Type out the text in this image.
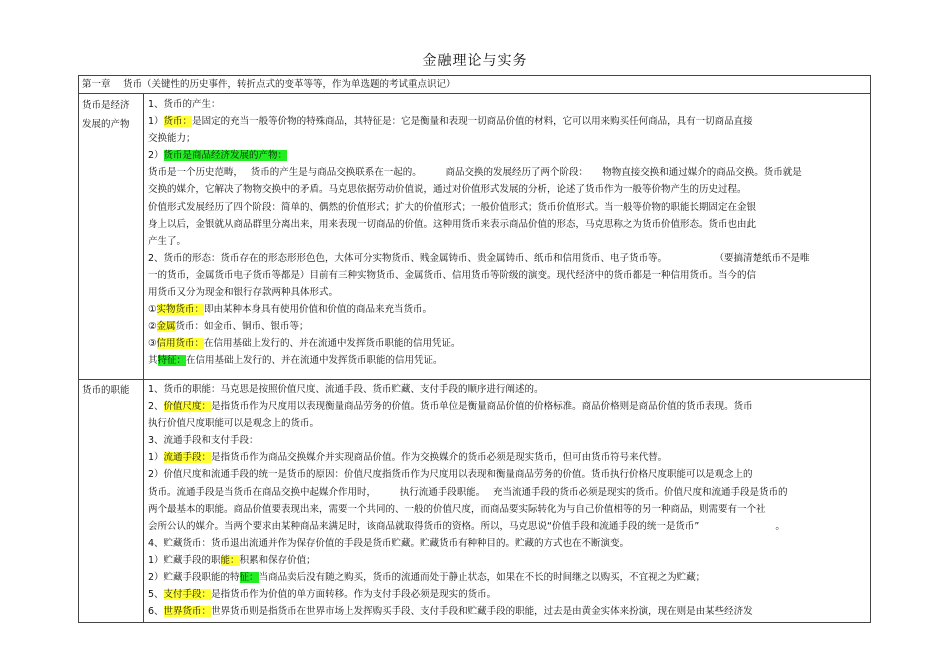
金融理论与实务
第一章　 货币（关键性的历史事件，转折点式的变革等等，作为单选题的考试重点识记）
货币是经济
发展的产物
1、货币的产生：
1）货币：是固定的充当一般等价物的特殊商品，其特征是：它是衡量和表现一切商品价值的材料，它可以用来购买任何商品，具有一切商品直接
交换能力；
2）货币是商品经济发展的产物：
货币是一个历史范畴，　 货币的产生是与商品交换联系在一起的。　　　商品交换的发展经历了两个阶段：　　物物直接交换和通过媒介的商品交换。货币就是
交换的媒介，它解决了物物交换中的矛盾。马克思依据劳动价值说，通过对价值形式发展的分析，论述了货币作为一般等价物产生的历史过程。
价值形式发展经历了四个阶段：简单的、偶然的价值形式；扩大的价值形式；一般价值形式；货币价值形式。当一般等价物的职能长期固定在金银
身上以后，金银就从商品群里分离出来，用来表现一切商品的价值。这种用货币来表示商品价值的形态，马克思称之为货币价值形态。货币也由此
产生了。
2、货币的形态：货币存在的形态形形色色，大体可分实物货币、贱金属铸币、贵金属铸币、纸币和信用货币、电子货币等。　　　　　　（要搞清楚纸币不是唯
一的货币，金属货币电子货币等都是）目前有三种实物货币、金属货币、信用货币等阶级的演变。现代经济中的货币都是一种信用货币。当今的信
用货币又分为现金和银行存款两种具体形式。
①实物货币：即由某种本身具有使用价值和价值的商品来充当货币。
②金属货币：如金币、铜币、银币等；
③信用货币：在信用基础上发行的、并在流通中发挥货币职能的信用凭证。
其特征：在信用基础上发行的、并在流通中发挥货币职能的信用凭证。
货币的职能	1、货币的职能：马克思是按照价值尺度、流通手段、货币贮藏、支付手段的顺序进行阐述的。
2、价值尺度：是指货币作为尺度用以表现衡量商品劳务的价值。货币单位是衡量商品价值的价格标准。商品价格则是商品价值的货币表现。货币
执行价值尺度职能可以是观念上的货币。
3、流通手段和支付手段：
1）流通手段：是指货币作为商品交换媒介并实现商品价值。作为交换媒介的货币必须是现实货币，但可由货币符号来代替。
2）价值尺度和流通手段的统一是货币的原因：价值尺度指货币作为尺度用以表现和衡量商品劳务的价值。货币执行价格尺度职能可以是观念上的
货币。流通手段是当货币在商品交换中起媒介作用时，　　　执行流通手段职能。　 充当流通手段的货币必须是现实的货币。价值尺度和流通手段是货币的
两个最基本的职能。商品价值要表现出来，需要一个共同的、一般的价值尺度，而商品要实际转化为与自己价值相等的另一种商品，则需要有一个社
会所公认的媒介。当两个要求由某种商品来满足时，该商品就取得货币的资格。所以，马克思说“价值手段和流通手段的统一是货币”　　　　　　　　。
4、贮藏货币：货币退出流通并作为保存价值的手段是货币贮藏。贮藏货币有种种目的。贮藏的方式也在不断演变。
1）贮藏手段的职能：积累和保存价值；
2）贮藏手段职能的特征：当商品卖后没有随之购买，货币的流通而处于静止状态，如果在不长的时间继之以购买，不宜视之为贮藏；
5、支付手段：是指货币作为价值的单方面转移。作为支付手段必须是现实的货币。
6、世界货币：世界货币则是指货币在世界市场上发挥购买手段、支付手段和贮藏手段的职能，过去是由黄金实体来扮演，现在则是由某些经济发
